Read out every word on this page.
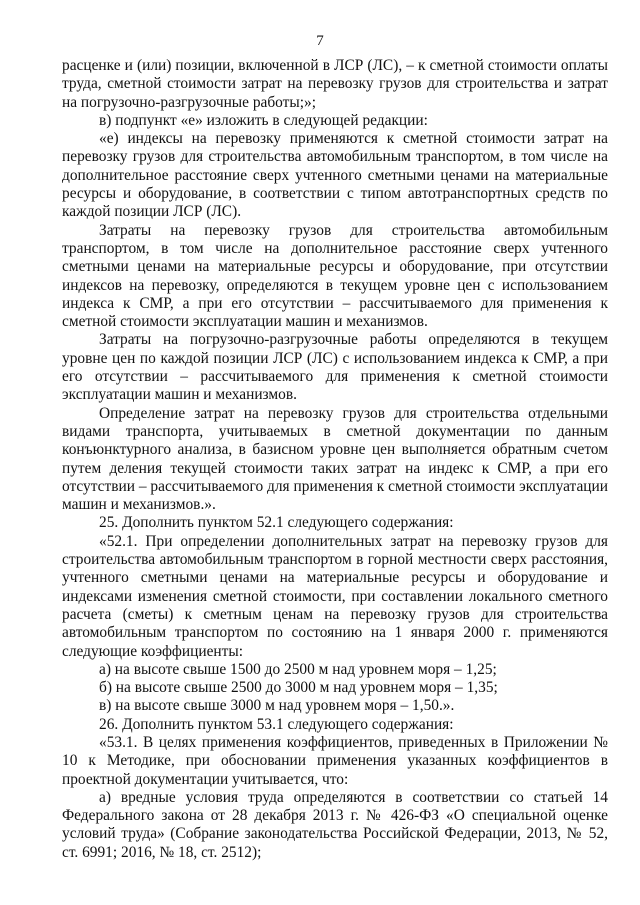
7

расценке и (или) позиции, включенной в ЛСР (ЛС), – к сметной стоимости оплаты труда, сметной стоимости затрат на перевозку грузов для строительства и затрат на погрузочно-разгрузочные работы;»;

в) подпункт «е» изложить в следующей редакции:

«е) индексы на перевозку применяются к сметной стоимости затрат на перевозку грузов для строительства автомобильным транспортом, в том числе на дополнительное расстояние сверх учтенного сметными ценами на материальные ресурсы и оборудование, в соответствии с типом автотранспортных средств по каждой позиции ЛСР (ЛС).

Затраты на перевозку грузов для строительства автомобильным транспортом, в том числе на дополнительное расстояние сверх учтенного сметными ценами на материальные ресурсы и оборудование, при отсутствии индексов на перевозку, определяются в текущем уровне цен с использованием индекса к СМР, а при его отсутствии – рассчитываемого для применения к сметной стоимости эксплуатации машин и механизмов.

Затраты на погрузочно-разгрузочные работы определяются в текущем уровне цен по каждой позиции ЛСР (ЛС) с использованием индекса к СМР, а при его отсутствии – рассчитываемого для применения к сметной стоимости эксплуатации машин и механизмов.

Определение затрат на перевозку грузов для строительства отдельными видами транспорта, учитываемых в сметной документации по данным конъюнктурного анализа, в базисном уровне цен выполняется обратным счетом путем деления текущей стоимости таких затрат на индекс к СМР, а при его отсутствии – рассчитываемого для применения к сметной стоимости эксплуатации машин и механизмов.».

25. Дополнить пунктом 52.1 следующего содержания:

«52.1. При определении дополнительных затрат на перевозку грузов для строительства автомобильным транспортом в горной местности сверх расстояния, учтенного сметными ценами на материальные ресурсы и оборудование и индексами изменения сметной стоимости, при составлении локального сметного расчета (сметы) к сметным ценам на перевозку грузов для строительства автомобильным транспортом по состоянию на 1 января 2000 г. применяются следующие коэффициенты:

а) на высоте свыше 1500 до 2500 м над уровнем моря – 1,25;

б) на высоте свыше 2500 до 3000 м над уровнем моря – 1,35;

в) на высоте свыше 3000 м над уровнем моря – 1,50.».

26. Дополнить пунктом 53.1 следующего содержания:

«53.1. В целях применения коэффициентов, приведенных в Приложении № 10 к Методике, при обосновании применения указанных коэффициентов в проектной документации учитывается, что:

а) вредные условия труда определяются в соответствии со статьей 14 Федерального закона от 28 декабря 2013 г. № 426-ФЗ «О специальной оценке условий труда» (Собрание законодательства Российской Федерации, 2013, № 52, ст. 6991; 2016, № 18, ст. 2512);
